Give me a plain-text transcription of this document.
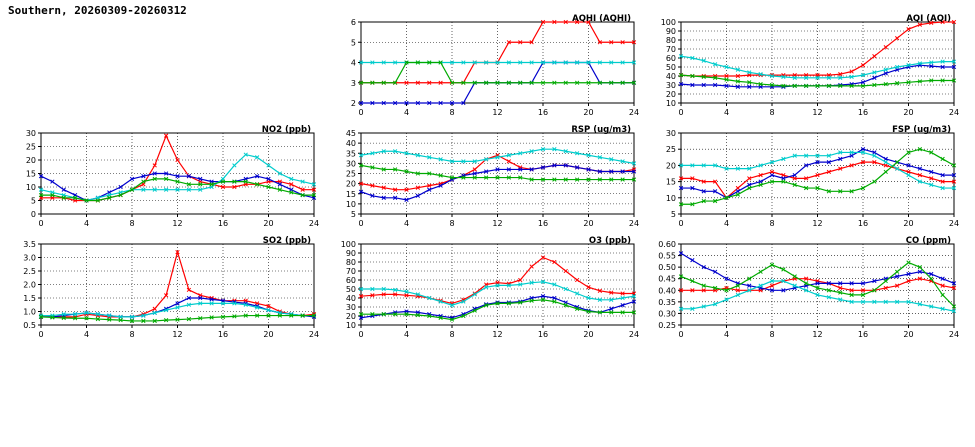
Southern, 20260309-20260312
2
3
4
5
6
0	4	8	12	16	20	24
AQHI (AQHI)
10
20
30
40
50
60
70
80
90
100
0	4	8	12	16	20	24
AQI (AQI)
0
5
10
15
20
25
30
0	4	8	12	16	20	24
NO2 (ppb)
5
10
15
20
25
30
35
40
45
0	4	8	12	16	20	24
RSP (ug/m3)
5
10
15
20
25
30
0	4	8	12	16	20	24
FSP (ug/m3)
0.5
1.0
1.5
2.0
2.5
3.0
3.5
0	4	8	12	16	20	24
SO2 (ppb)
10
20
30
40
50
60
70
80
90
100
0	4	8	12	16	20	24
O3 (ppb)
0.25
0.30
0.35
0.40
0.45
0.50
0.55
0.60
0	4	8	12	16	20	24
CO (ppm)
